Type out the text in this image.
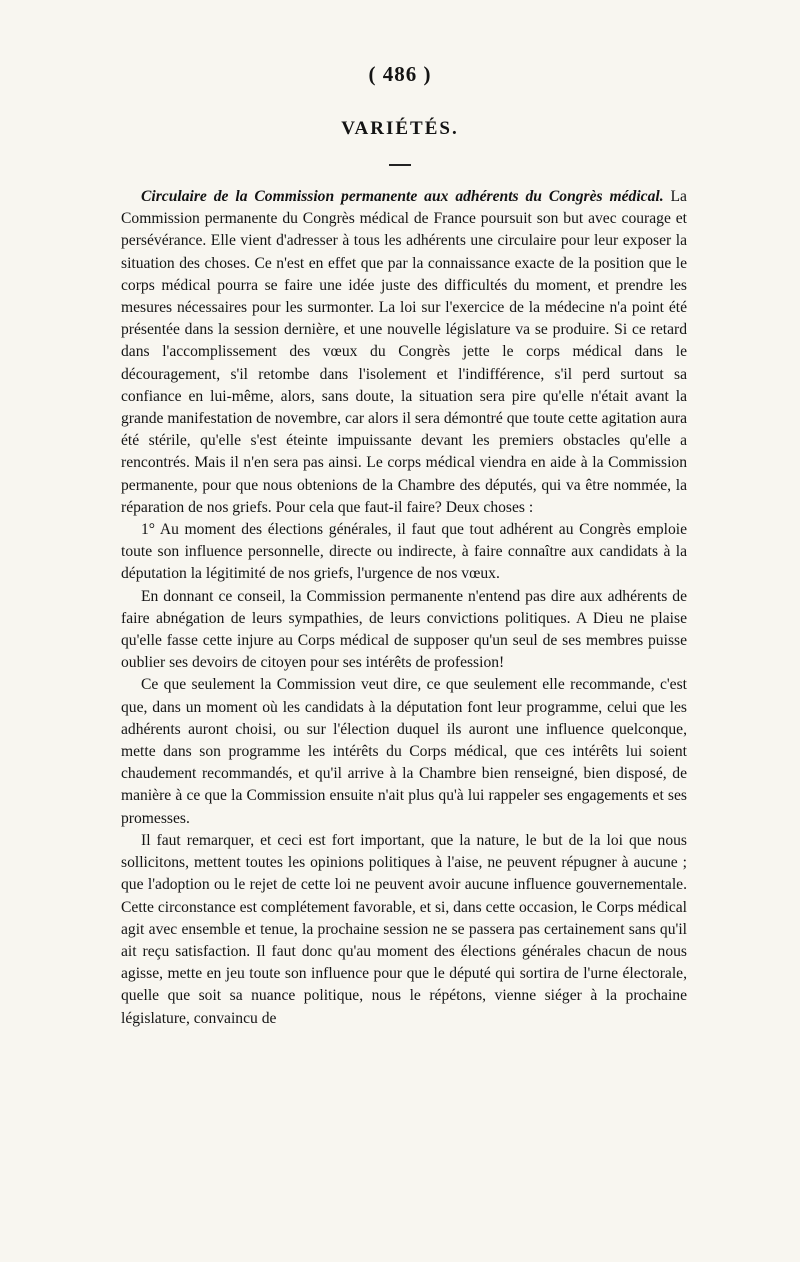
( 486 )
VARIÉTÉS.

Circulaire de la Commission permanente aux adhérents du Congrès médical. La Commission permanente du Congrès médical de France poursuit son but avec courage et persévérance. Elle vient d'adresser à tous les adhérents une circulaire pour leur exposer la situation des choses. Ce n'est en effet que par la connaissance exacte de la position que le corps médical pourra se faire une idée juste des difficultés du moment, et prendre les mesures nécessaires pour les surmonter. La loi sur l'exercice de la médecine n'a point été présentée dans la session dernière, et une nouvelle législature va se produire. Si ce retard dans l'accomplissement des vœux du Congrès jette le corps médical dans le découragement, s'il retombe dans l'isolement et l'indifférence, s'il perd surtout sa confiance en lui-même, alors, sans doute, la situation sera pire qu'elle n'était avant la grande manifestation de novembre, car alors il sera démontré que toute cette agitation aura été stérile, qu'elle s'est éteinte impuissante devant les premiers obstacles qu'elle a rencontrés. Mais il n'en sera pas ainsi. Le corps médical viendra en aide à la Commission permanente, pour que nous obtenions de la Chambre des députés, qui va être nommée, la réparation de nos griefs. Pour cela que faut-il faire? Deux choses :

1° Au moment des élections générales, il faut que tout adhérent au Congrès emploie toute son influence personnelle, directe ou indirecte, à faire connaître aux candidats à la députation la légitimité de nos griefs, l'urgence de nos vœux.

En donnant ce conseil, la Commission permanente n'entend pas dire aux adhérents de faire abnégation de leurs sympathies, de leurs convictions politiques. A Dieu ne plaise qu'elle fasse cette injure au Corps médical de supposer qu'un seul de ses membres puisse oublier ses devoirs de citoyen pour ses intérêts de profession!

Ce que seulement la Commission veut dire, ce que seulement elle recommande, c'est que, dans un moment où les candidats à la députation font leur programme, celui que les adhérents auront choisi, ou sur l'élection duquel ils auront une influence quelconque, mette dans son programme les intérêts du Corps médical, que ces intérêts lui soient chaudement recommandés, et qu'il arrive à la Chambre bien renseigné, bien disposé, de manière à ce que la Commission ensuite n'ait plus qu'à lui rappeler ses engagements et ses promesses.

Il faut remarquer, et ceci est fort important, que la nature, le but de la loi que nous sollicitons, mettent toutes les opinions politiques à l'aise, ne peuvent répugner à aucune ; que l'adoption ou le rejet de cette loi ne peuvent avoir aucune influence gouvernementale. Cette circonstance est complétement favorable, et si, dans cette occasion, le Corps médical agit avec ensemble et tenue, la prochaine session ne se passera pas certainement sans qu'il ait reçu satisfaction. Il faut donc qu'au moment des élections générales chacun de nous agisse, mette en jeu toute son influence pour que le député qui sortira de l'urne électorale, quelle que soit sa nuance politique, nous le répétons, vienne siéger à la prochaine législature, convaincu de
